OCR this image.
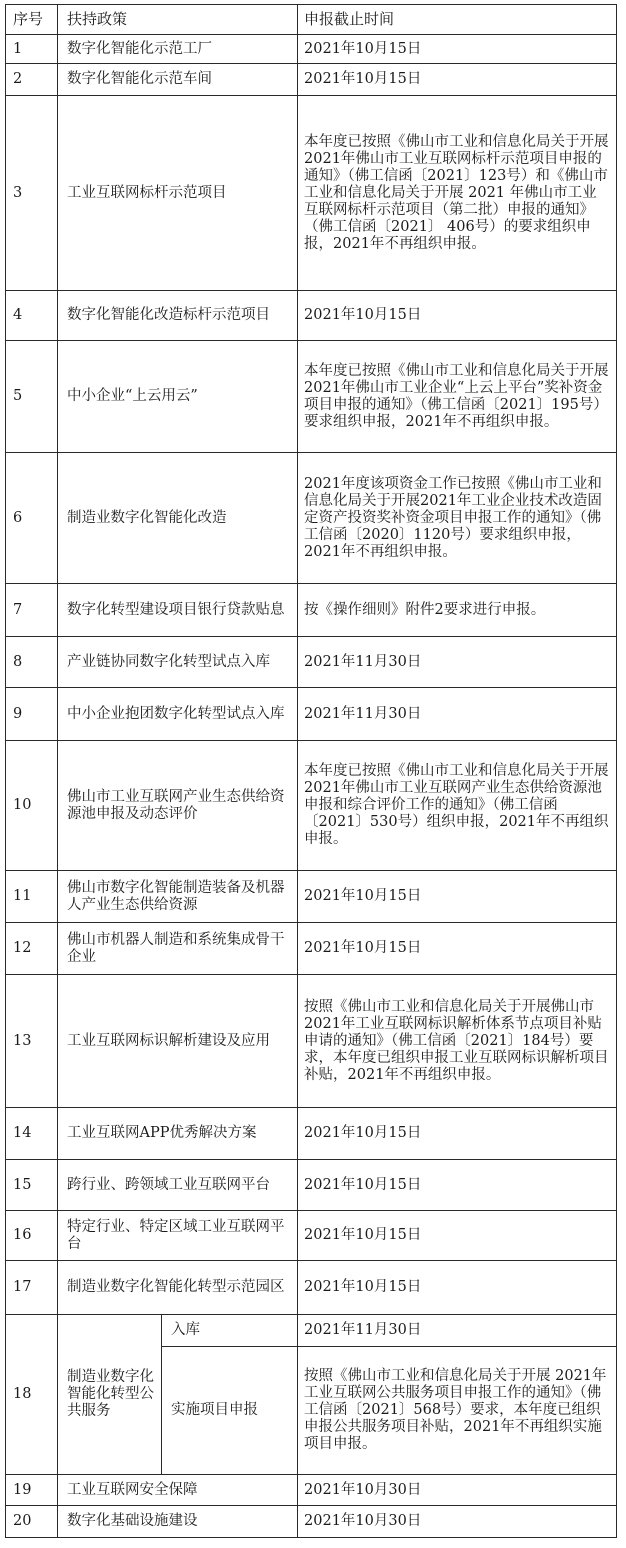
序号	扶持政策		申报截止时间
1	数字化智能化示范工厂		2021年10月15日
2	数字化智能化示范车间		2021年10月15日
3	工业互联网标杆示范项目		本年度已按照《佛山市工业和信息化局关于开展2021年佛山市工业互联网标杆示范项目申报的通知》（佛工信函〔2021〕123号）和《佛山市工业和信息化局关于开展 2021 年佛山市工业互联网标杆示范项目（第二批）申报的通知》（佛工信函〔2021〕 406号）的要求组织申报，2021年不再组织申报。
4	数字化智能化改造标杆示范项目		2021年10月15日
5	中小企业“上云用云”		本年度已按照《佛山市工业和信息化局关于开展2021年佛山市工业企业“上云上平台”奖补资金项目申报的通知》（佛工信函〔2021〕195号）要求组织申报，2021年不再组织申报。
6	制造业数字化智能化改造		2021年度该项资金工作已按照《佛山市工业和信息化局关于开展2021年工业企业技术改造固定资产投资奖补资金项目申报工作的通知》（佛工信函〔2020〕1120号）要求组织申报，2021年不再组织申报。
7	数字化转型建设项目银行贷款贴息		按《操作细则》附件2要求进行申报。
8	产业链协同数字化转型试点入库		2021年11月30日
9	中小企业抱团数字化转型试点入库		2021年11月30日
10	佛山市工业互联网产业生态供给资源池申报及动态评价		本年度已按照《佛山市工业和信息化局关于开展2021年佛山市工业互联网产业生态供给资源池申报和综合评价工作的通知》（佛工信函〔2021〕530号）组织申报，2021年不再组织申报。
11	佛山市数字化智能制造装备及机器人产业生态供给资源		2021年10月15日
12	佛山市机器人制造和系统集成骨干企业		2021年10月15日
13	工业互联网标识解析建设及应用		按照《佛山市工业和信息化局关于开展佛山市2021年工业互联网标识解析体系节点项目补贴申请的通知》（佛工信函〔2021〕184号）要求，本年度已组织申报工业互联网标识解析项目补贴，2021年不再组织申报。
14	工业互联网APP优秀解决方案		2021年10月15日
15	跨行业、跨领域工业互联网平台		2021年10月15日
16	特定行业、特定区域工业互联网平台		2021年10月15日
17	制造业数字化智能化转型示范园区		2021年10月15日
18	制造业数字化智能化转型公共服务	入库	2021年11月30日
		实施项目申报	按照《佛山市工业和信息化局关于开展 2021年工业互联网公共服务项目申报工作的通知》（佛工信函〔2021〕568号）要求，本年度已组织申报公共服务项目补贴，2021年不再组织实施项目申报。
19	工业互联网安全保障		2021年10月30日
20	数字化基础设施建设		2021年10月30日
